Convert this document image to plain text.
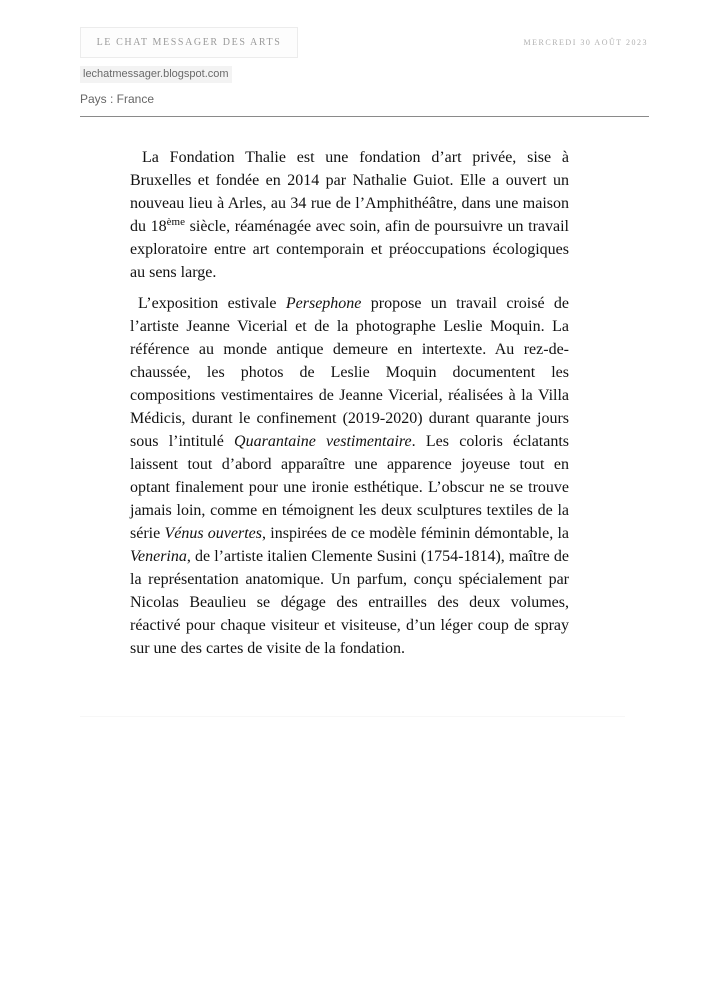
LE CHAT MESSAGER DES ARTS	MERCREDI 30 AOÛT 2023
lechatmessager.blogspot.com
Pays : France

La Fondation Thalie est une fondation d’art privée, sise à Bruxelles et fondée en 2014 par Nathalie Guiot. Elle a ouvert un nouveau lieu à Arles, au 34 rue de l’Amphithéâtre, dans une maison du 18ème siècle, réaménagée avec soin, afin de poursuivre un travail exploratoire entre art contemporain et préoccupations écologiques au sens large.

L’exposition estivale Persephone propose un travail croisé de l’artiste Jeanne Vicerial et de la photographe Leslie Moquin. La référence au monde antique demeure en intertexte. Au rez-de-chaussée, les photos de Leslie Moquin documentent les compositions vestimentaires de Jeanne Vicerial, réalisées à la Villa Médicis, durant le confinement (2019-2020) durant quarante jours sous l’intitulé Quarantaine vestimentaire. Les coloris éclatants laissent tout d’abord apparaître une apparence joyeuse tout en optant finalement pour une ironie esthétique. L’obscur ne se trouve jamais loin, comme en témoignent les deux sculptures textiles de la série Vénus ouvertes, inspirées de ce modèle féminin démontable, la Venerina, de l’artiste italien Clemente Susini (1754-1814), maître de la représentation anatomique. Un parfum, conçu spécialement par Nicolas Beaulieu se dégage des entrailles des deux volumes, réactivé pour chaque visiteur et visiteuse, d’un léger coup de spray sur une des cartes de visite de la fondation.
